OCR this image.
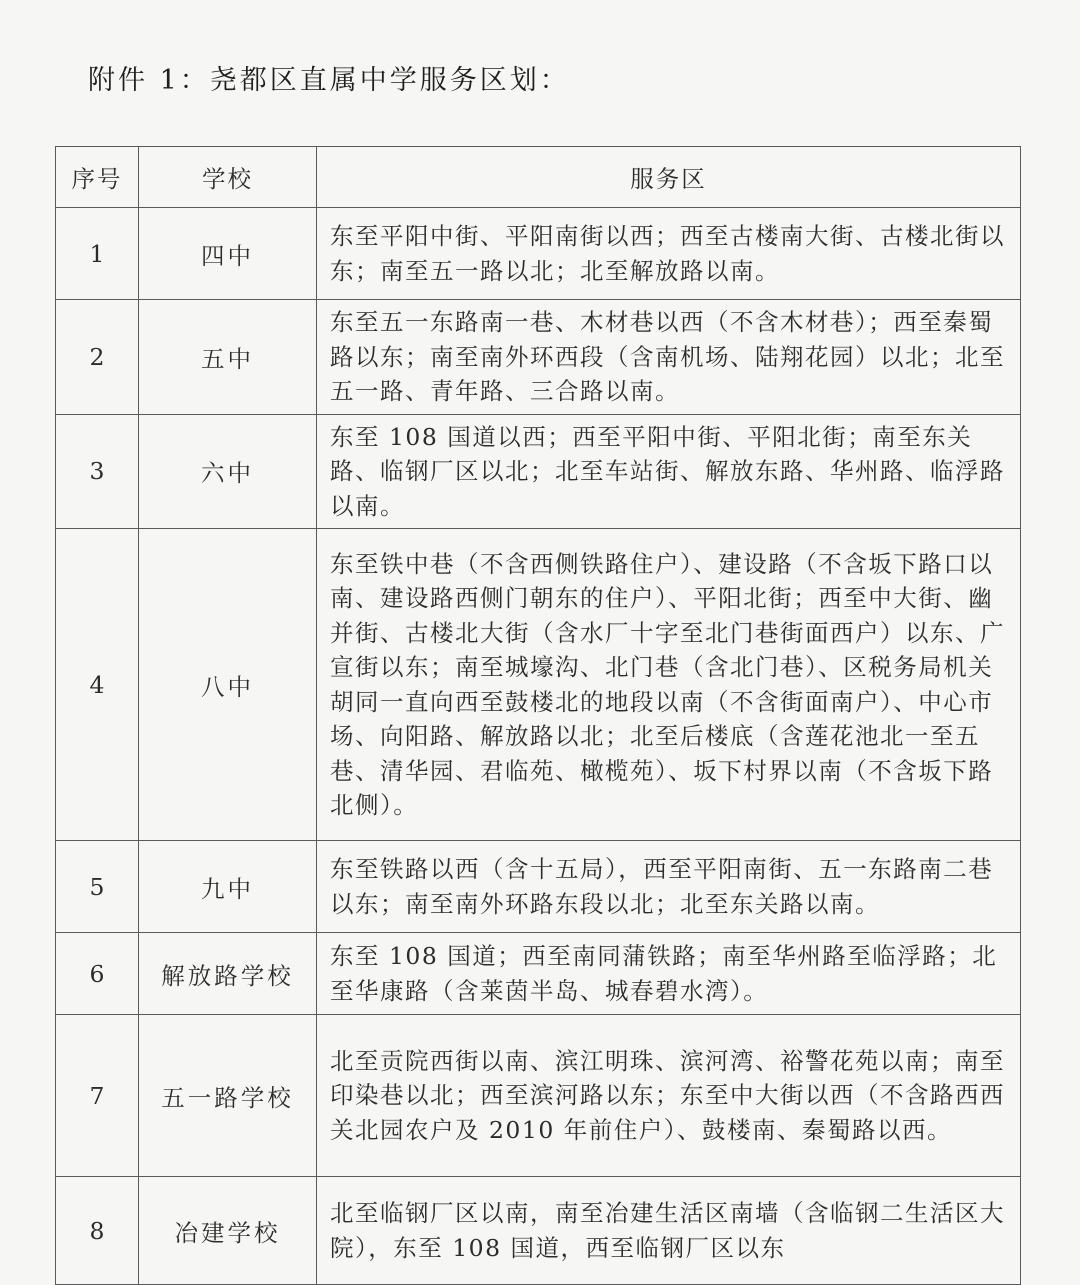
附件 1：尧都区直属中学服务区划：
序号	学校	服务区
1	四中	东至平阳中街、平阳南街以西；西至古楼南大街、古楼北街以东；南至五一路以北；北至解放路以南。
2	五中	东至五一东路南一巷、木材巷以西（不含木材巷）；西至秦蜀路以东；南至南外环西段（含南机场、陆翔花园）以北；北至五一路、青年路、三合路以南。
3	六中	东至 108 国道以西；西至平阳中街、平阳北街；南至东关路、临钢厂区以北；北至车站街、解放东路、华州路、临浮路以南。
4	八中	东至铁中巷（不含西侧铁路住户）、建设路（不含坂下路口以南、建设路西侧门朝东的住户）、平阳北街；西至中大街、幽并街、古楼北大街（含水厂十字至北门巷街面西户）以东、广宣街以东；南至城壕沟、北门巷（含北门巷）、区税务局机关胡同一直向西至鼓楼北的地段以南（不含街面南户）、中心市场、向阳路、解放路以北；北至后楼底（含莲花池北一至五巷、清华园、君临苑、橄榄苑）、坂下村界以南（不含坂下路北侧）。
5	九中	东至铁路以西（含十五局），西至平阳南街、五一东路南二巷以东；南至南外环路东段以北；北至东关路以南。
6	解放路学校	东至 108 国道；西至南同蒲铁路；南至华州路至临浮路；北至华康路（含莱茵半岛、城春碧水湾）。
7	五一路学校	北至贡院西街以南、滨江明珠、滨河湾、裕警花苑以南；南至印染巷以北；西至滨河路以东；东至中大街以西（不含路西西关北园农户及 2010 年前住户）、鼓楼南、秦蜀路以西。
8	冶建学校	北至临钢厂区以南，南至冶建生活区南墙（含临钢二生活区大院），东至 108 国道，西至临钢厂区以东
